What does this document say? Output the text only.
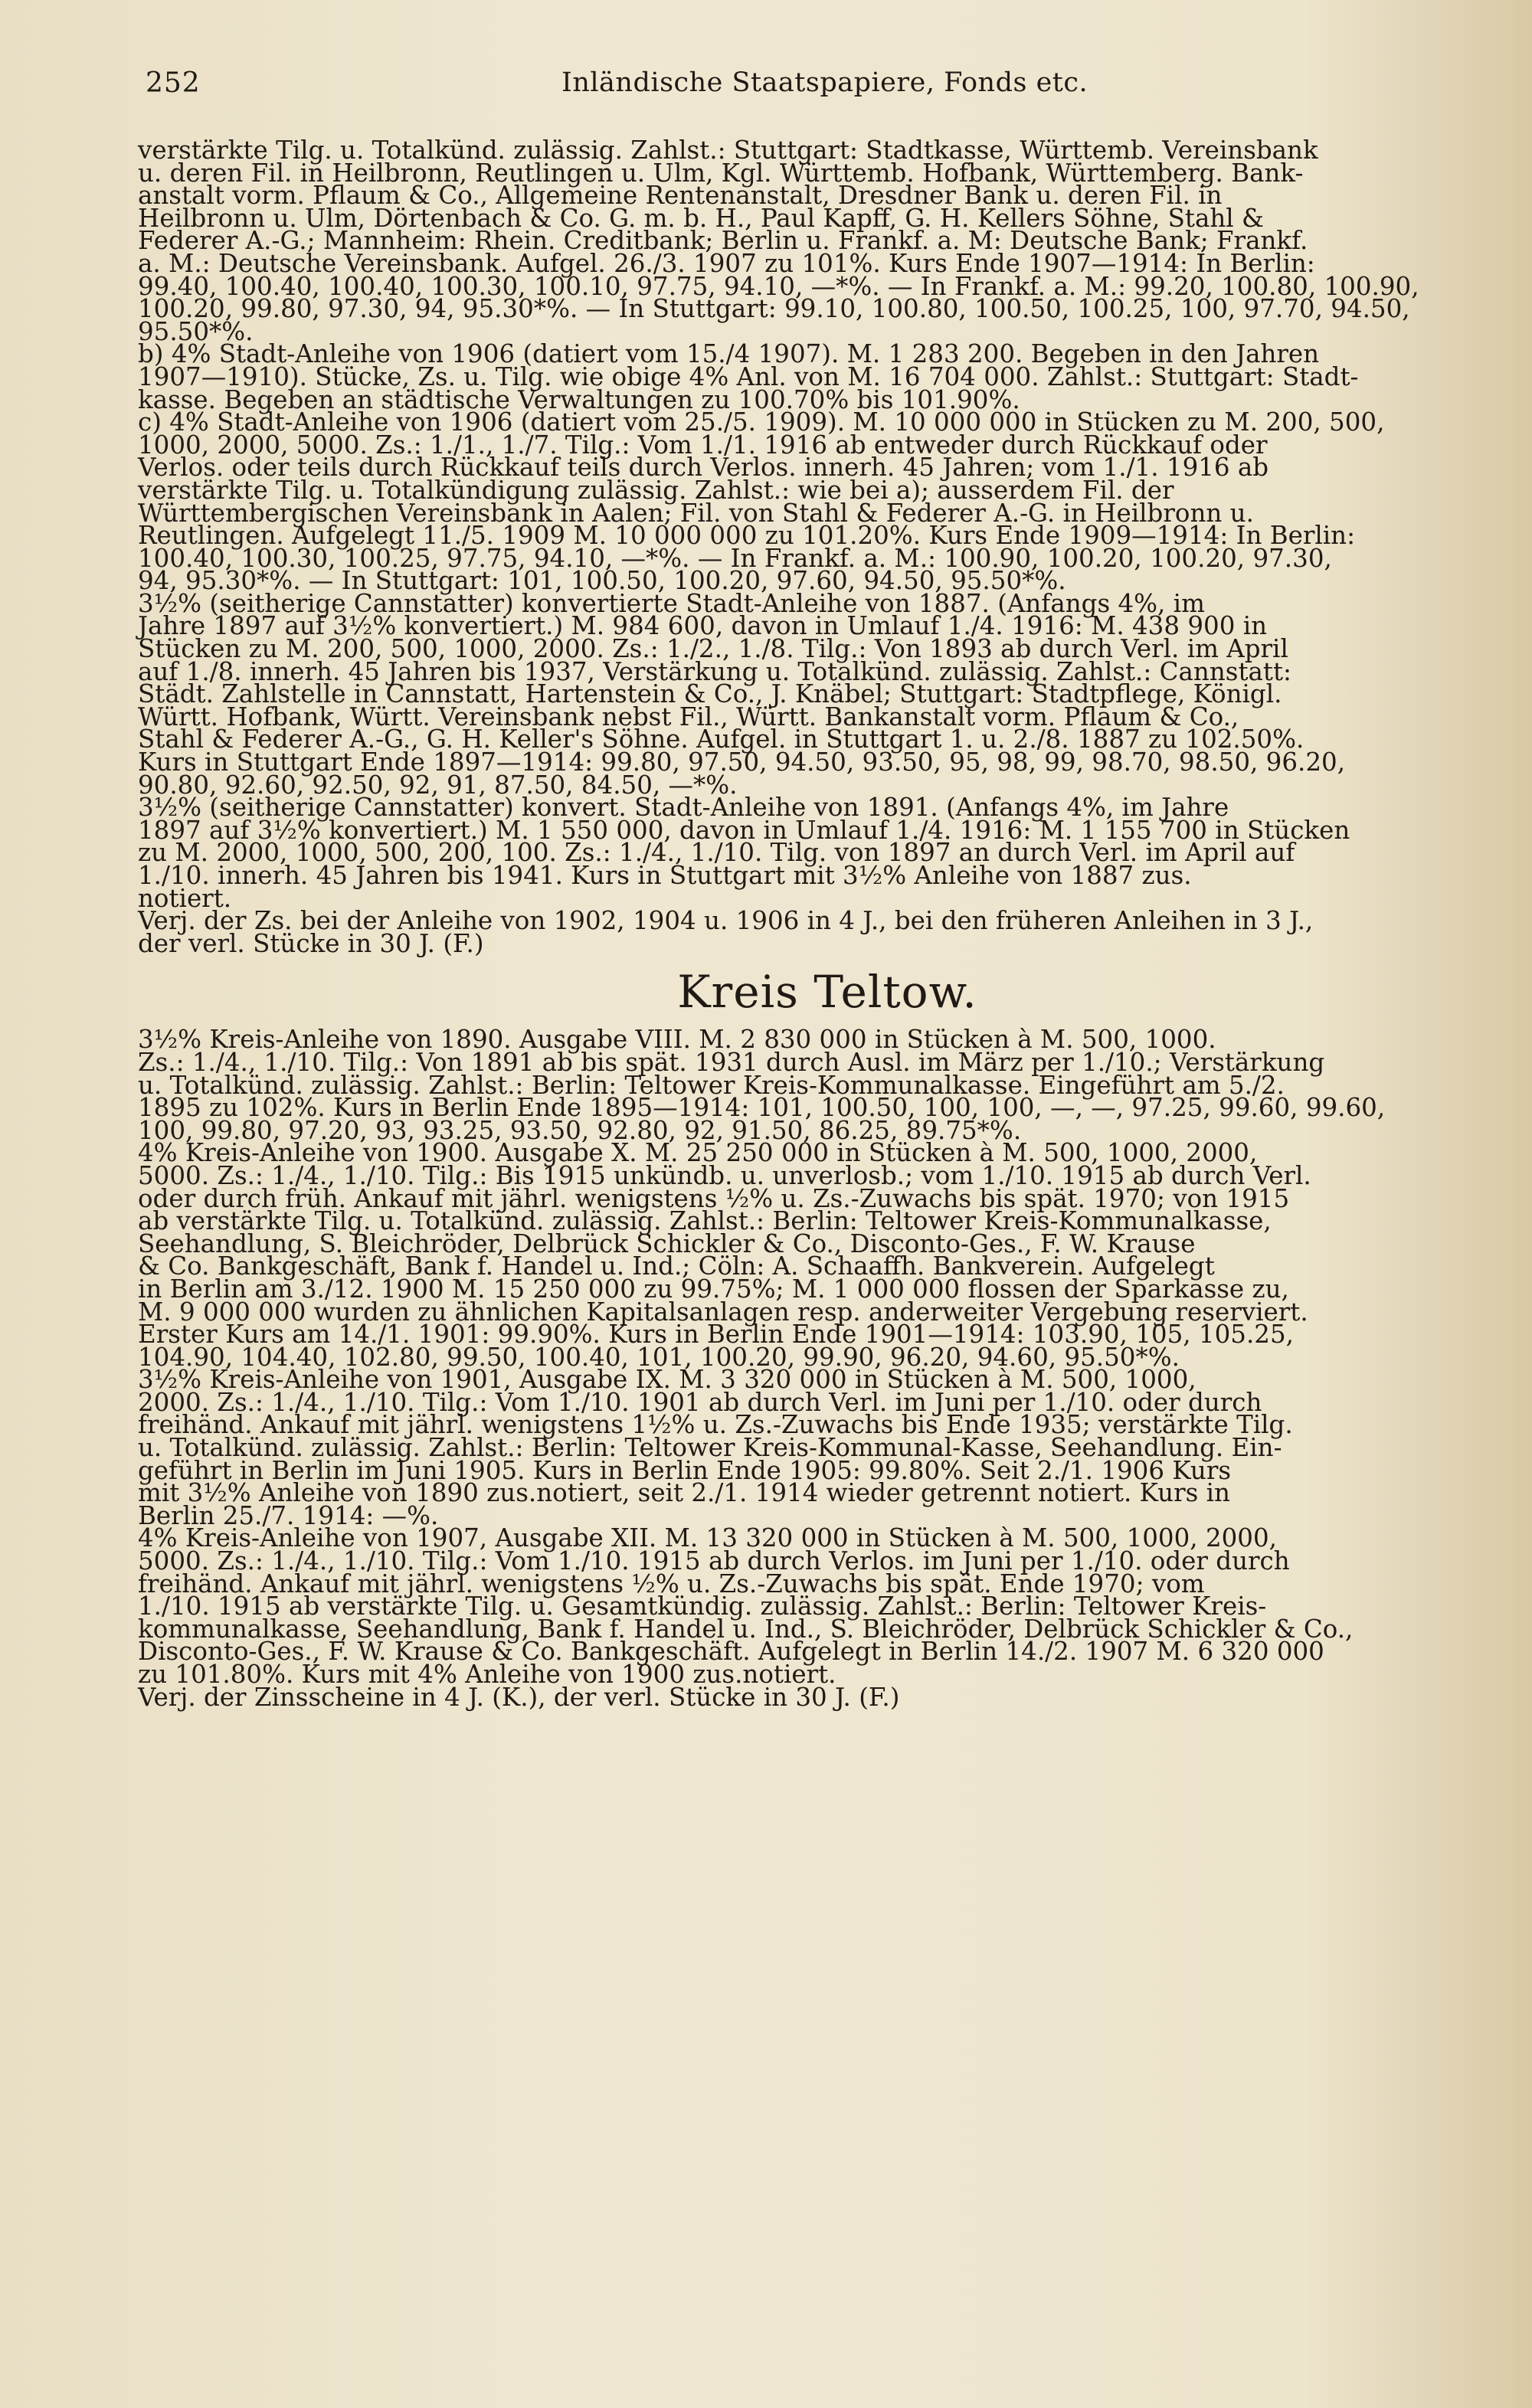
252	Inländische Staatspapiere, Fonds etc.
verstärkte Tilg. u. Totalkünd. zulässig. Zahlst.: Stuttgart: Stadtkasse, Württemb. Vereinsbank
u. deren Fil. in Heilbronn, Reutlingen u. Ulm, Kgl. Württemb. Hofbank, Württemberg. Bank-
anstalt vorm. Pflaum & Co., Allgemeine Rentenanstalt, Dresdner Bank u. deren Fil. in
Heilbronn u. Ulm, Dörtenbach & Co. G. m. b. H., Paul Kapff, G. H. Kellers Söhne, Stahl &
Federer A.-G.; Mannheim: Rhein. Creditbank; Berlin u. Frankf. a. M: Deutsche Bank; Frankf.
a. M.: Deutsche Vereinsbank. Aufgel. 26./3. 1907 zu 101%. Kurs Ende 1907—1914: In Berlin:
99.40, 100.40, 100.40, 100.30, 100.10, 97.75, 94.10, —*%. — In Frankf. a. M.: 99.20, 100.80, 100.90,
100.20, 99.80, 97.30, 94, 95.30*%. — In Stuttgart: 99.10, 100.80, 100.50, 100.25, 100, 97.70, 94.50,
95.50*%.
b) 4% Stadt-Anleihe von 1906 (datiert vom 15./4 1907). M. 1 283 200. Begeben in den Jahren
1907—1910). Stücke, Zs. u. Tilg. wie obige 4% Anl. von M. 16 704 000. Zahlst.: Stuttgart: Stadt-
kasse. Begeben an städtische Verwaltungen zu 100.70% bis 101.90%.
c) 4% Stadt-Anleihe von 1906 (datiert vom 25./5. 1909). M. 10 000 000 in Stücken zu M. 200, 500,
1000, 2000, 5000. Zs.: 1./1., 1./7. Tilg.: Vom 1./1. 1916 ab entweder durch Rückkauf oder
Verlos. oder teils durch Rückkauf teils durch Verlos. innerh. 45 Jahren; vom 1./1. 1916 ab
verstärkte Tilg. u. Totalkündigung zulässig. Zahlst.: wie bei a); ausserdem Fil. der
Württembergischen Vereinsbank in Aalen; Fil. von Stahl & Federer A.-G. in Heilbronn u.
Reutlingen. Aufgelegt 11./5. 1909 M. 10 000 000 zu 101.20%. Kurs Ende 1909—1914: In Berlin:
100.40, 100.30, 100.25, 97.75, 94.10, —*%. — In Frankf. a. M.: 100.90, 100.20, 100.20, 97.30,
94, 95.30*%. — In Stuttgart: 101, 100.50, 100.20, 97.60, 94.50, 95.50*%.
3½% (seitherige Cannstatter) konvertierte Stadt-Anleihe von 1887. (Anfangs 4%, im
Jahre 1897 auf 3½% konvertiert.) M. 984 600, davon in Umlauf 1./4. 1916: M. 438 900 in
Stücken zu M. 200, 500, 1000, 2000. Zs.: 1./2., 1./8. Tilg.: Von 1893 ab durch Verl. im April
auf 1./8. innerh. 45 Jahren bis 1937, Verstärkung u. Totalkünd. zulässig. Zahlst.: Cannstatt:
Städt. Zahlstelle in Cannstatt, Hartenstein & Co., J. Knäbel; Stuttgart: Stadtpflege, Königl.
Württ. Hofbank, Württ. Vereinsbank nebst Fil., Württ. Bankanstalt vorm. Pflaum & Co.,
Stahl & Federer A.-G., G. H. Keller's Söhne. Aufgel. in Stuttgart 1. u. 2./8. 1887 zu 102.50%.
Kurs in Stuttgart Ende 1897—1914: 99.80, 97.50, 94.50, 93.50, 95, 98, 99, 98.70, 98.50, 96.20,
90.80, 92.60, 92.50, 92, 91, 87.50, 84.50, —*%.
3½% (seitherige Cannstatter) konvert. Stadt-Anleihe von 1891. (Anfangs 4%, im Jahre
1897 auf 3½% konvertiert.) M. 1 550 000, davon in Umlauf 1./4. 1916: M. 1 155 700 in Stücken
zu M. 2000, 1000, 500, 200, 100. Zs.: 1./4., 1./10. Tilg. von 1897 an durch Verl. im April auf
1./10. innerh. 45 Jahren bis 1941. Kurs in Stuttgart mit 3½% Anleihe von 1887 zus.
notiert.
Verj. der Zs. bei der Anleihe von 1902, 1904 u. 1906 in 4 J., bei den früheren Anleihen in 3 J.,
der verl. Stücke in 30 J. (F.)
Kreis Teltow.
3½% Kreis-Anleihe von 1890. Ausgabe VIII. M. 2 830 000 in Stücken à M. 500, 1000.
Zs.: 1./4., 1./10. Tilg.: Von 1891 ab bis spät. 1931 durch Ausl. im März per 1./10.; Verstärkung
u. Totalkünd. zulässig. Zahlst.: Berlin: Teltower Kreis-Kommunalkasse. Eingeführt am 5./2.
1895 zu 102%. Kurs in Berlin Ende 1895—1914: 101, 100.50, 100, 100, —, —, 97.25, 99.60, 99.60,
100, 99.80, 97.20, 93, 93.25, 93.50, 92.80, 92, 91.50, 86.25, 89.75*%.
4% Kreis-Anleihe von 1900. Ausgabe X. M. 25 250 000 in Stücken à M. 500, 1000, 2000,
5000. Zs.: 1./4., 1./10. Tilg.: Bis 1915 unkündb. u. unverlosb.; vom 1./10. 1915 ab durch Verl.
oder durch früh. Ankauf mit jährl. wenigstens ½% u. Zs.-Zuwachs bis spät. 1970; von 1915
ab verstärkte Tilg. u. Totalkünd. zulässig. Zahlst.: Berlin: Teltower Kreis-Kommunalkasse,
Seehandlung, S. Bleichröder, Delbrück Schickler & Co., Disconto-Ges., F. W. Krause
& Co. Bankgeschäft, Bank f. Handel u. Ind.; Cöln: A. Schaaffh. Bankverein. Aufgelegt
in Berlin am 3./12. 1900 M. 15 250 000 zu 99.75%; M. 1 000 000 flossen der Sparkasse zu,
M. 9 000 000 wurden zu ähnlichen Kapitalsanlagen resp. anderweiter Vergebung reserviert.
Erster Kurs am 14./1. 1901: 99.90%. Kurs in Berlin Ende 1901—1914: 103.90, 105, 105.25,
104.90, 104.40, 102.80, 99.50, 100.40, 101, 100.20, 99.90, 96.20, 94.60, 95.50*%.
3½% Kreis-Anleihe von 1901, Ausgabe IX. M. 3 320 000 in Stücken à M. 500, 1000,
2000. Zs.: 1./4., 1./10. Tilg.: Vom 1./10. 1901 ab durch Verl. im Juni per 1./10. oder durch
freihänd. Ankauf mit jährl. wenigstens 1½% u. Zs.-Zuwachs bis Ende 1935; verstärkte Tilg.
u. Totalkünd. zulässig. Zahlst.: Berlin: Teltower Kreis-Kommunal-Kasse, Seehandlung. Ein-
geführt in Berlin im Juni 1905. Kurs in Berlin Ende 1905: 99.80%. Seit 2./1. 1906 Kurs
mit 3½% Anleihe von 1890 zus.notiert, seit 2./1. 1914 wieder getrennt notiert. Kurs in
Berlin 25./7. 1914: —%.
4% Kreis-Anleihe von 1907, Ausgabe XII. M. 13 320 000 in Stücken à M. 500, 1000, 2000,
5000. Zs.: 1./4., 1./10. Tilg.: Vom 1./10. 1915 ab durch Verlos. im Juni per 1./10. oder durch
freihänd. Ankauf mit jährl. wenigstens ½% u. Zs.-Zuwachs bis spät. Ende 1970; vom
1./10. 1915 ab verstärkte Tilg. u. Gesamtkündig. zulässig. Zahlst.: Berlin: Teltower Kreis-
kommunalkasse, Seehandlung, Bank f. Handel u. Ind., S. Bleichröder, Delbrück Schickler & Co.,
Disconto-Ges., F. W. Krause & Co. Bankgeschäft. Aufgelegt in Berlin 14./2. 1907 M. 6 320 000
zu 101.80%. Kurs mit 4% Anleihe von 1900 zus.notiert.
Verj. der Zinsscheine in 4 J. (K.), der verl. Stücke in 30 J. (F.)
